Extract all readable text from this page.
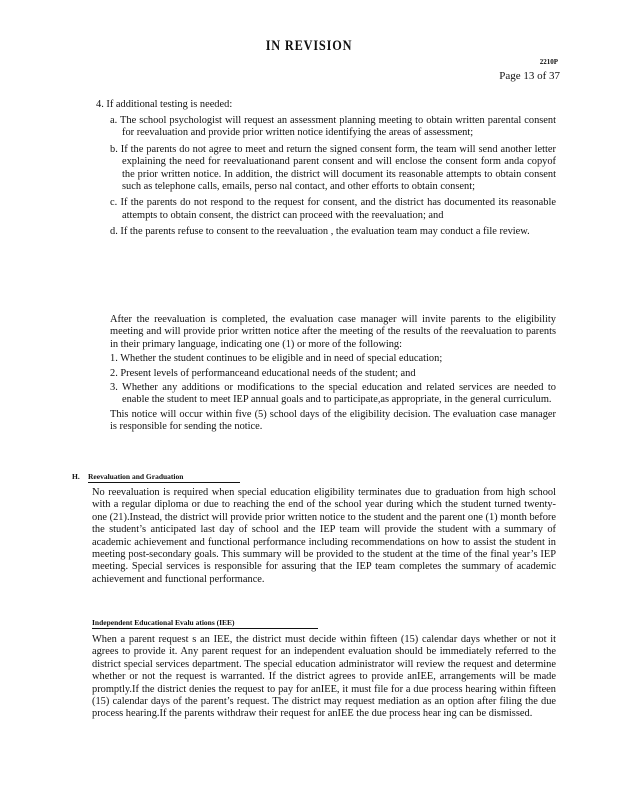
IN REVISION
2210P
Page 13 of 37

4. If additional testing is needed:

a. The school psychologist will request an assessment planning meeting to obtain written parental consent for reevaluation and provide prior written notice identifying the areas of assessment;

b. If the parents do not agree to meet and return the signed consent form, the team will send another letter explaining the need for reevaluationand parent consent and will enclose the consent form anda copyof the prior written notice. In addition, the district will document its reasonable attempts to obtain consent such as telephone calls, emails, perso nal contact, and other efforts to obtain consent;

c. If the parents do not respond to the request for consent, and the district has documented its reasonable attempts to obtain consent, the district can proceed with the reevaluation; and

d. If the parents refuse to consent to the reevaluation , the evaluation team may conduct a file review.

After the reevaluation is completed, the evaluation case manager will invite parents to the eligibility meeting and will provide prior written notice after the meeting of the results of the reevaluation to parents in their primary language, indicating one (1) or more of the following:

1. Whether the student continues to be eligible and in need of special education;

2. Present levels of performanceand educational needs of the student; and

3. Whether any additions or modifications to the special education and related services are needed to enable the student to meet IEP annual goals and to participate,as appropriate, in the general curriculum.

This notice will occur within five (5) school days of the eligibility decision. The evaluation case manager is responsible for sending the notice.

H. Reevaluation and Graduation

No reevaluation is required when special education eligibility terminates due to graduation from high school with a regular diploma or due to reaching the end of the school year during which the student turned twenty-one (21).Instead, the district will provide prior written notice to the student and the parent one (1) month before the student’s anticipated last day of school and the IEP team will provide the student with a summary of academic achievement and functional performance including recommendations on how to assist the student in meeting post-secondary goals. This summary will be provided to the student at the time of the final year’s IEP meeting. Special services is responsible for assuring that the IEP team completes the summary of academic achievement and functional performance.

Independent Educational Evalu ations (IEE)

When a parent request s an IEE, the district must decide within fifteen (15) calendar days whether or not it agrees to provide it. Any parent request for an independent evaluation should be immediately referred to the district special services department. The special education administrator will review the request and determine whether or not the request is warranted. If the district agrees to provide anIEE, arrangements will be made promptly.If the district denies the request to pay for anIEE, it must file for a due process hearing within fifteen (15) calendar days of the parent’s request. The district may request mediation as an option after filing the due process hearing.If the parents withdraw their request for anIEE the due process hear ing can be dismissed.
